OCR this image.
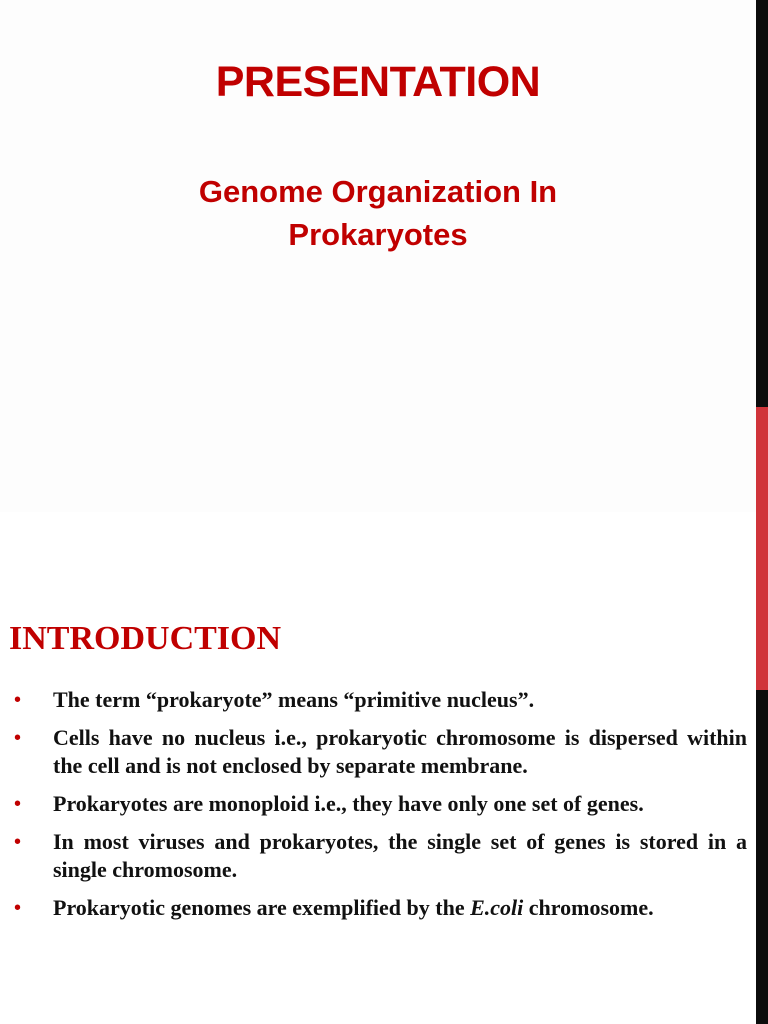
PRESENTATION
Genome Organization In Prokaryotes
INTRODUCTION
• The term “prokaryote” means “primitive nucleus”.
• Cells have no nucleus i.e., prokaryotic chromosome is dispersed within the cell and is not enclosed by separate membrane.
• Prokaryotes are monoploid i.e., they have only one set of genes.
• In most viruses and prokaryotes, the single set of genes is stored in a single chromosome.
• Prokaryotic genomes are exemplified by the E.coli chromosome.
